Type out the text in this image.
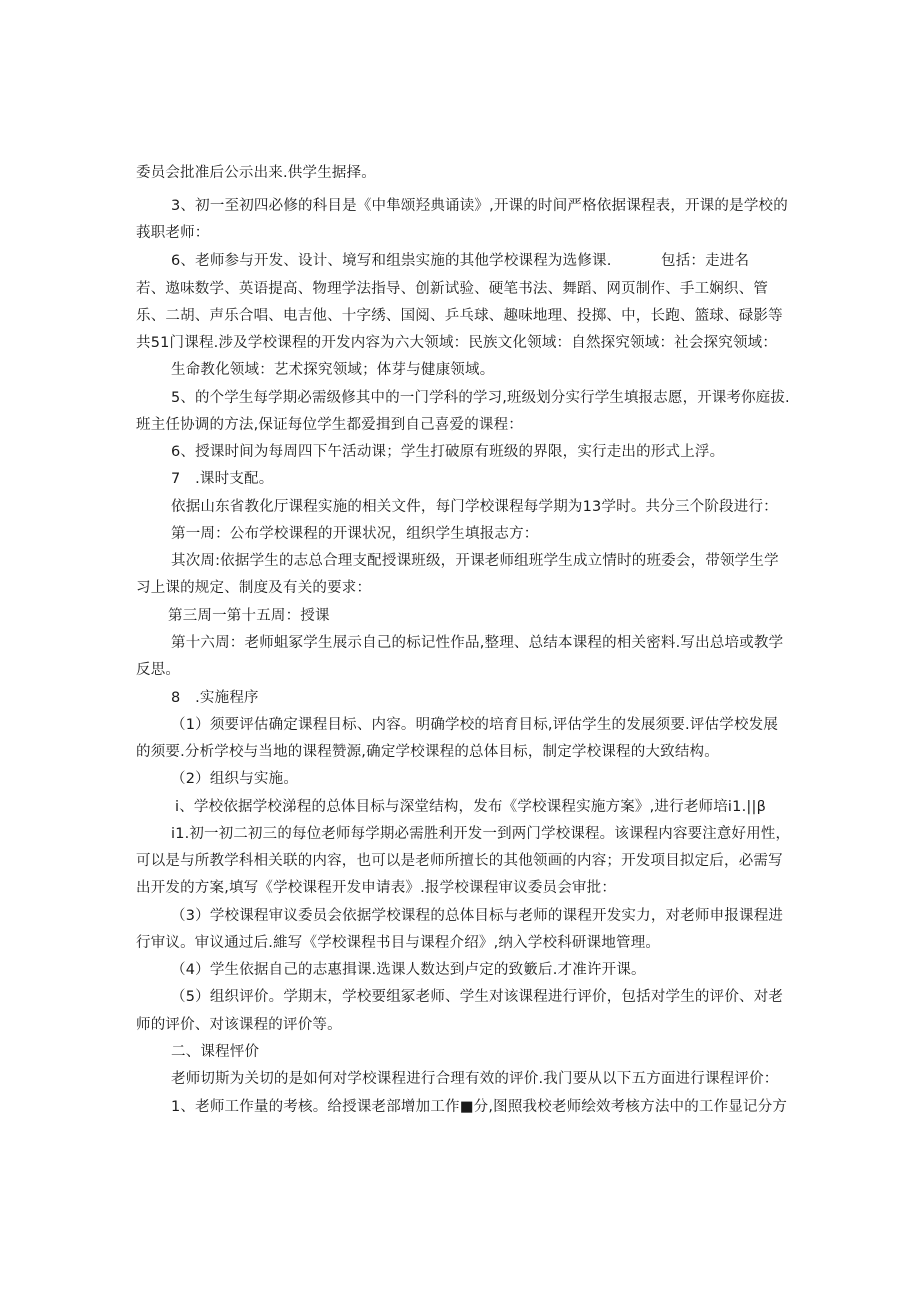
委员会批准后公示出来.供学生据择。
3、初一至初四必修的科目是《中隼颂羟典诵读》,开课的时间严格依据课程表，开课的是学校的
莪职老师：
6、老师参与开发、设计、境写和组祟实施的其他学校课程为选修课.	包括：走进名
若、遨味数学、英语提高、物理学法指导、创新试验、硬笔书法、舞蹈、网页制作、手工娴织、管
乐、二胡、声乐合唱、电吉他、十字绣、国阅、乒乓球、趣味地理、投掷、中，长跑、篮球、碌影等
共51门课程.涉及学校课程的开发内容为六大领域：民族文化领域：自然探究领域：社会探究领域：
生命教化领域：艺术探究领域；体芽与健康领域。
5、的个学生每学期必需级修其中的一门学科的学习,班级划分实行学生填报志愿，开课考你庭拔.
班主任协调的方法,保证每位学生都爱揖到自己喜爱的课程：
6、授课时间为每周四下午活动课；学生打破原有班级的界限，实行走出的形式上浮。
7　.课时支配。
依据山东省教化厅课程实施的相关文件，每门学校课程每学期为13学时。共分三个阶段进行：
第一周：公布学校课程的开课状况，组织学生填报志方：
其次周:依据学生的志总合理支配授课班级，开课老师组班学生成立情时的班委会，带领学生学
习上课的规定、制度及有关的要求：
第三周一第十五周：授课
第十六周：老师蛆冢学生展示自己的标记性作品,整理、总结本课程的相关密料.写出总培或教学
反思。
8　.实施程序
（1）须要评估确定课程目标、内容。明确学校的培育目标,评估学生的发展须要.评估学校发展
的须要.分析学校与当地的课程赞源,确定学校课程的总体目标，制定学校课程的大致结构。
（2）组织与实施。
i、学校依据学校涕程的总体目标与深堂结构，发布《学校课程实施方案》,进行老师培i1.||β
i1.初一初二初三的每位老师每学期必需胜利开发一到两门学校课程。该课程内容要注意好用性，
可以是与所教学科相关联的内容，也可以是老师所擅长的其他领画的内容；开发项目拟定后，必需写
出开发的方案,填写《学校课程开发申请表》.报学校课程审议委员会审批：
（3）学校课程审议委员会依据学校课程的总体目标与老师的课程开发实力，对老师申报课程进
行审议。审议通过后.維写《学校课程书目与课程介绍》,纳入学校科研课地管理。
（4）学生依据自己的志惠揖课.选课人数达到卢定的致籔后.才准许开课。
（5）组织评价。学期末，学校要组冢老师、学生对该课程进行评价，包括对学生的评价、对老
师的评价、对该课程的评价等。
二、课程怦价
老师切斯为关切的是如何对学校课程进行合理有效的评价.我门要从以下五方面进行课程评价：
1、老师工作量的考核。给授课老部增加工作■分,图照我校老师绘效考核方法中的工作显记分方
